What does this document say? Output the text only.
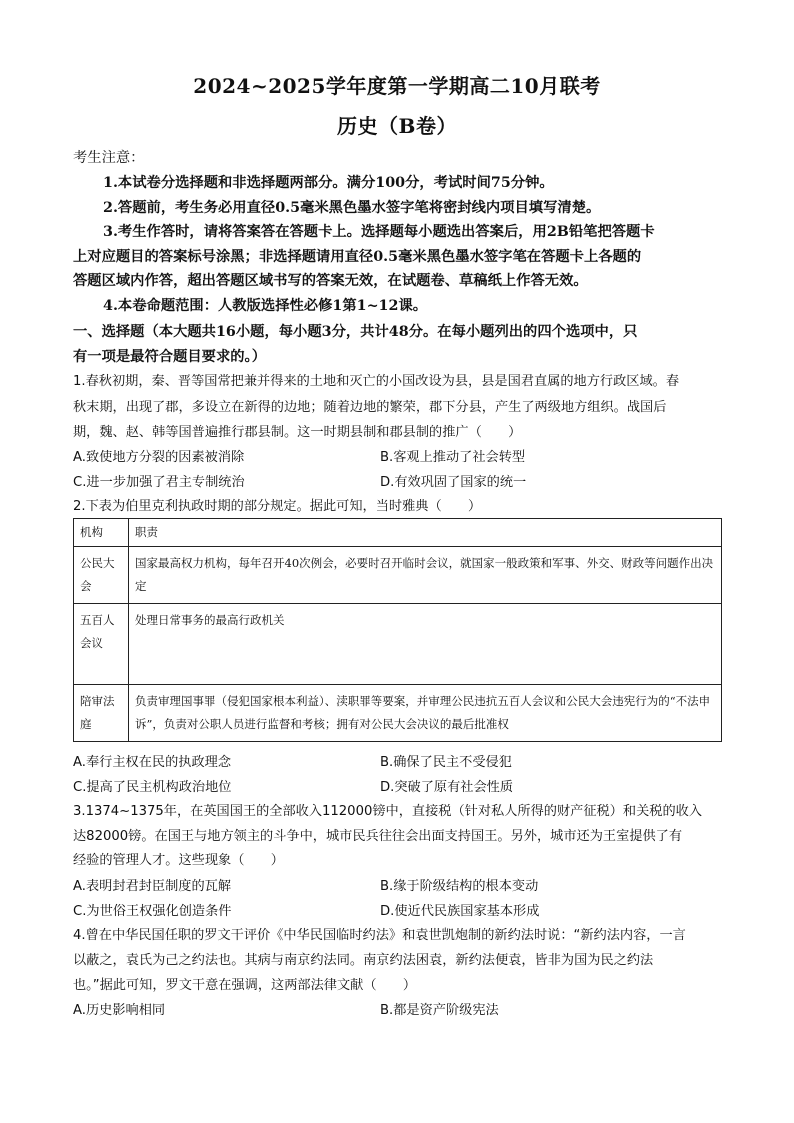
2024~2025学年度第一学期高二10月联考
历史（B卷）
考生注意：
1.本试卷分选择题和非选择题两部分。满分100分，考试时间75分钟。
2.答题前，考生务必用直径0.5毫米黑色墨水签字笔将密封线内项目填写清楚。
3.考生作答时，请将答案答在答题卡上。选择题每小题选出答案后，用2B铅笔把答题卡
上对应题目的答案标号涂黑；非选择题请用直径0.5毫米黑色墨水签字笔在答题卡上各题的
答题区域内作答，超出答题区域书写的答案无效，在试题卷、草稿纸上作答无效。
4.本卷命题范围：人教版选择性必修1第1~12课。
一、选择题（本大题共16小题，每小题3分，共计48分。在每小题列出的四个选项中，只
有一项是最符合题目要求的。）
1.春秋初期，秦、晋等国常把兼并得来的土地和灭亡的小国改设为县，县是国君直属的地方行政区域。春
秋末期，出现了郡，多设立在新得的边地；随着边地的繁荣，郡下分县，产生了两级地方组织。战国后
期，魏、赵、韩等国普遍推行郡县制。这一时期县制和郡县制的推广（　　）
A.致使地方分裂的因素被消除	B.客观上推动了社会转型
C.进一步加强了君主专制统治	D.有效巩固了国家的统一
2.下表为伯里克利执政时期的部分规定。据此可知，当时雅典（　　）
机构	职责
公民大会	国家最高权力机构，每年召开40次例会，必要时召开临时会议，就国家一般政策和军事、外交、财政等问题作出决定
五百人会议	处理日常事务的最高行政机关
陪审法庭	负责审理国事罪（侵犯国家根本利益）、渎职罪等要案，并审理公民违抗五百人会议和公民大会违宪行为的“不法申诉”，负责对公职人员进行监督和考核；拥有对公民大会决议的最后批准权
A.奉行主权在民的执政理念	B.确保了民主不受侵犯
C.提高了民主机构政治地位	D.突破了原有社会性质
3.1374~1375年，在英国国王的全部收入112000镑中，直接税（针对私人所得的财产征税）和关税的收入
达82000镑。在国王与地方领主的斗争中，城市民兵往往会出面支持国王。另外，城市还为王室提供了有
经验的管理人才。这些现象（　　）
A.表明封君封臣制度的瓦解	B.缘于阶级结构的根本变动
C.为世俗王权强化创造条件	D.使近代民族国家基本形成
4.曾在中华民国任职的罗文干评价《中华民国临时约法》和袁世凯炮制的新约法时说：“新约法内容，一言
以蔽之，袁氏为己之约法也。其病与南京约法同。南京约法困袁，新约法便袁，皆非为国为民之约法
也。”据此可知，罗文干意在强调，这两部法律文献（　　）
A.历史影响相同	B.都是资产阶级宪法
